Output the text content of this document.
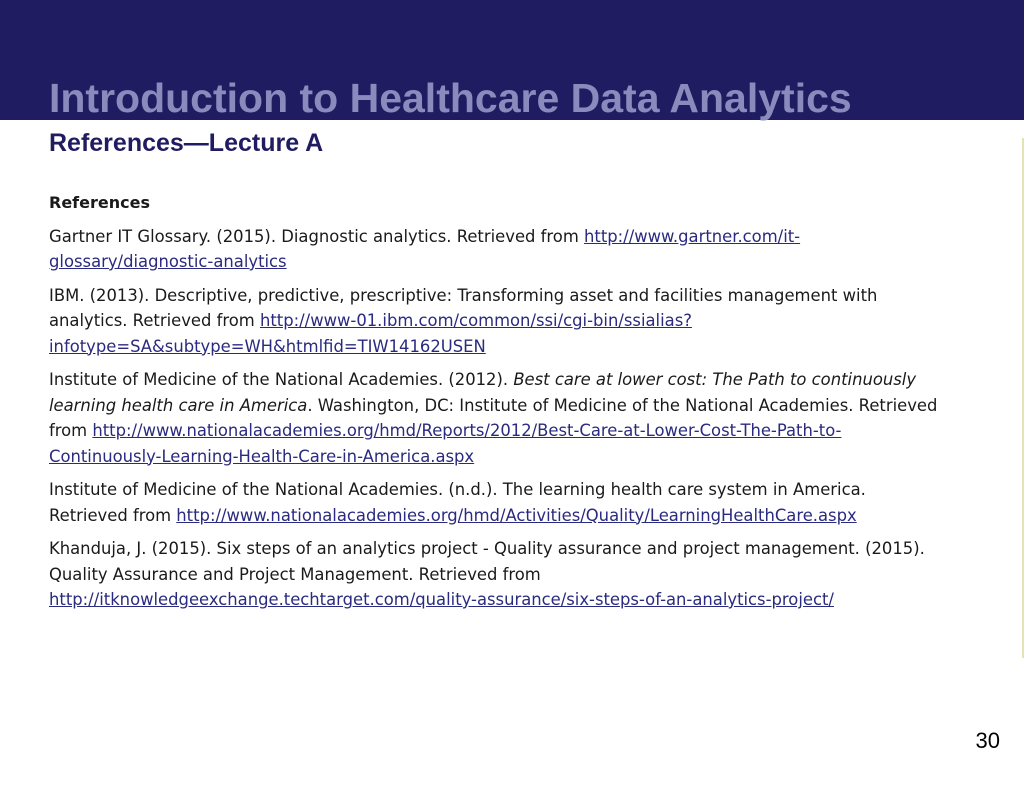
Introduction to Healthcare Data Analytics
References—Lecture A

References

Gartner IT Glossary. (2015). Diagnostic analytics. Retrieved from http://www.gartner.com/it-glossary/diagnostic-analytics

IBM. (2013). Descriptive, predictive, prescriptive: Transforming asset and facilities management with analytics. Retrieved from http://www-01.ibm.com/common/ssi/cgi-bin/ssialias?infotype=SA&subtype=WH&htmlfid=TIW14162USEN

Institute of Medicine of the National Academies. (2012). Best care at lower cost: The Path to continuously learning health care in America. Washington, DC: Institute of Medicine of the National Academies. Retrieved from http://www.nationalacademies.org/hmd/Reports/2012/Best-Care-at-Lower-Cost-The-Path-to-Continuously-Learning-Health-Care-in-America.aspx

Institute of Medicine of the National Academies. (n.d.). The learning health care system in America. Retrieved from http://www.nationalacademies.org/hmd/Activities/Quality/LearningHealthCare.aspx

Khanduja, J. (2015). Six steps of an analytics project - Quality assurance and project management. (2015). Quality Assurance and Project Management. Retrieved from http://itknowledgeexchange.techtarget.com/quality-assurance/six-steps-of-an-analytics-project/

30
